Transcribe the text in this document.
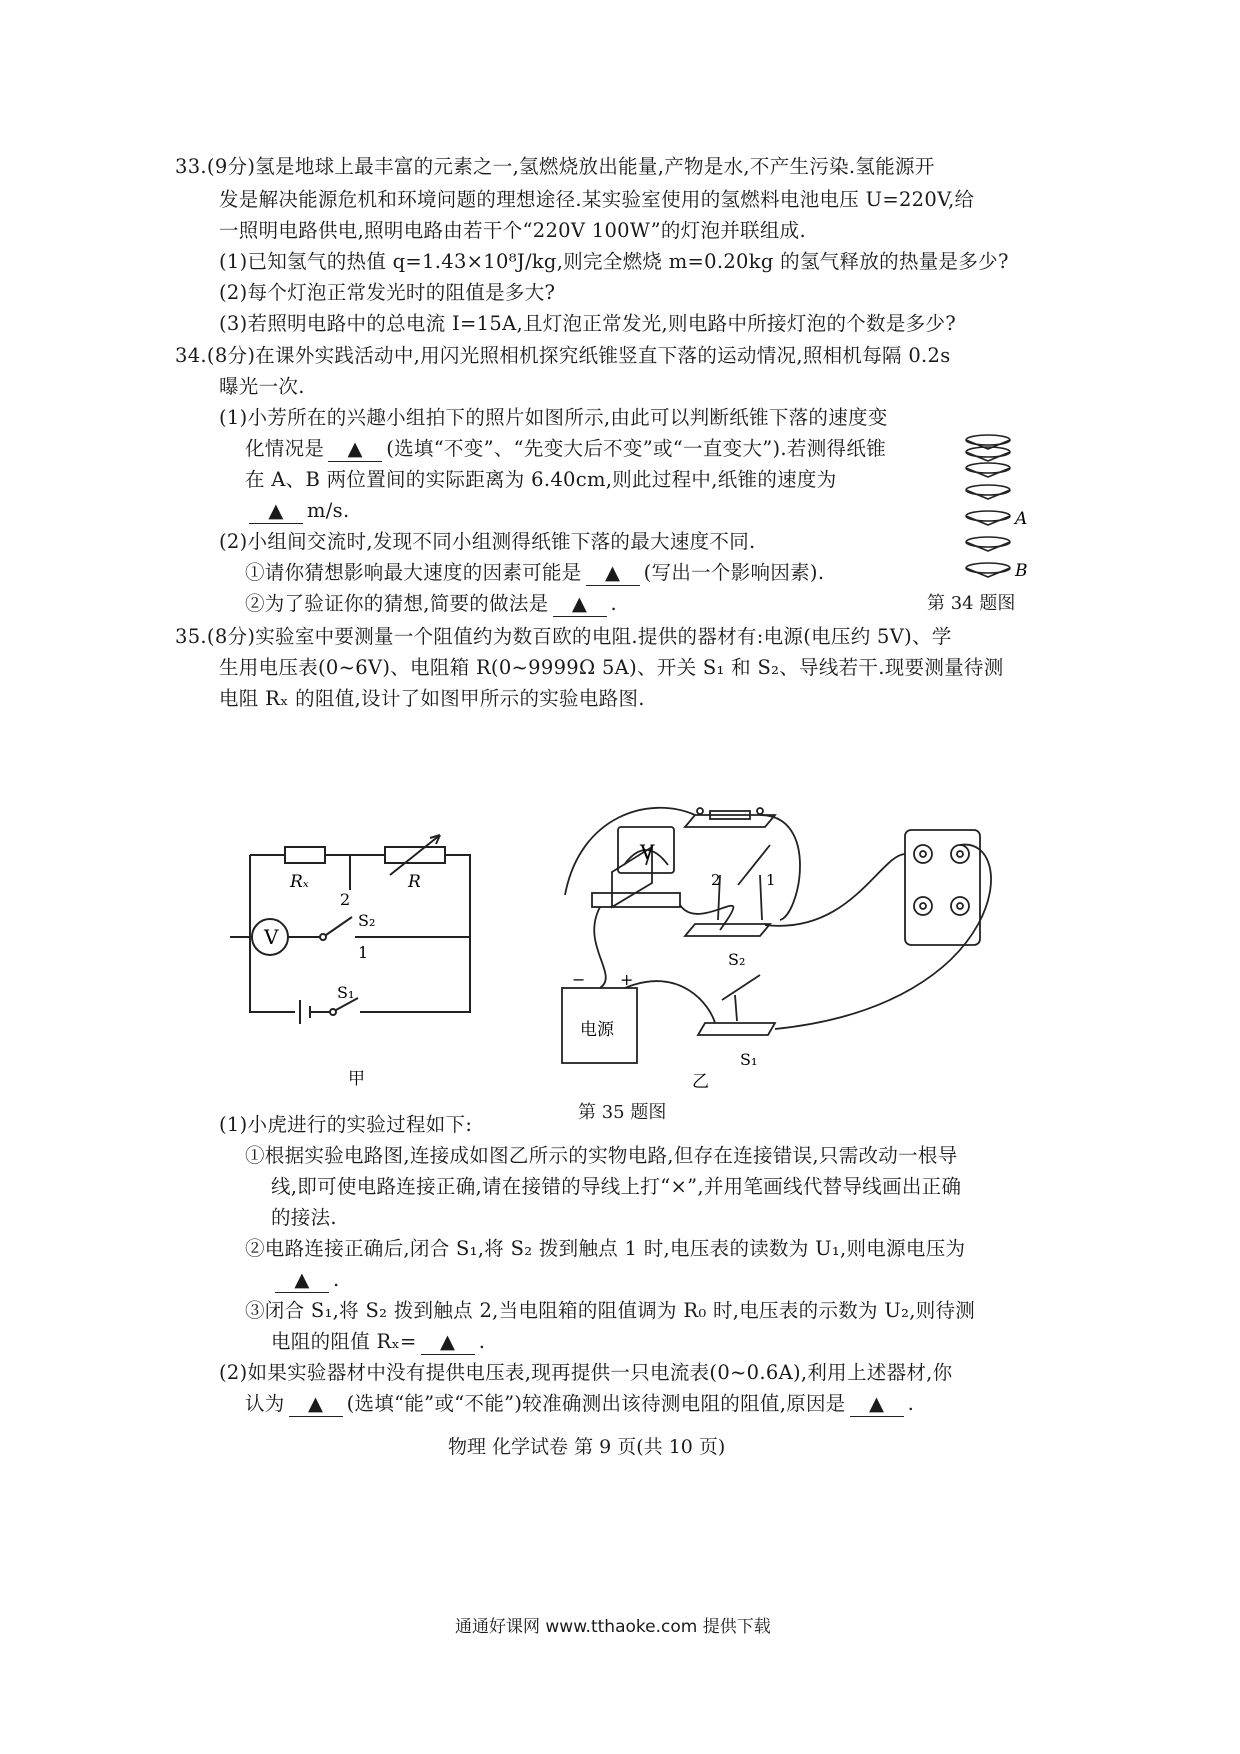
33.(9分)氢是地球上最丰富的元素之一,氢燃烧放出能量,产物是水,不产生污染.氢能源开
发是解决能源危机和环境问题的理想途径.某实验室使用的氢燃料电池电压 U=220V,给
一照明电路供电,照明电路由若干个“220V 100W”的灯泡并联组成.
(1)已知氢气的热值 q=1.43×10⁸J/kg,则完全燃烧 m=0.20kg 的氢气释放的热量是多少?
(2)每个灯泡正常发光时的阻值是多大?
(3)若照明电路中的总电流 I=15A,且灯泡正常发光,则电路中所接灯泡的个数是多少?
34.(8分)在课外实践活动中,用闪光照相机探究纸锥竖直下落的运动情况,照相机每隔 0.2s
曝光一次.
(1)小芳所在的兴趣小组拍下的照片如图所示,由此可以判断纸锥下落的速度变
化情况是 ▲ (选填“不变”、“先变大后不变”或“一直变大”).若测得纸锥
在 A、B 两位置间的实际距离为 6.40cm,则此过程中,纸锥的速度为
▲ m/s.
(2)小组间交流时,发现不同小组测得纸锥下落的最大速度不同.
①请你猜想影响最大速度的因素可能是 ▲ (写出一个影响因素).
②为了验证你的猜想,简要的做法是 ▲ .
A
B
第 34 题图
35.(8分)实验室中要测量一个阻值约为数百欧的电阻.提供的器材有:电源(电压约 5V)、学
生用电压表(0~6V)、电阻箱 R(0~9999Ω 5A)、开关 S₁ 和 S₂、导线若干.现要测量待测
电阻 Rₓ 的阻值,设计了如图甲所示的实验电路图.
V
Rₓ	R
2
S₂
1
S₁
甲
V
电源
− +
2	1
S₂
S₁
乙
第 35 题图
(1)小虎进行的实验过程如下:
①根据实验电路图,连接成如图乙所示的实物电路,但存在连接错误,只需改动一根导
线,即可使电路连接正确,请在接错的导线上打“×”,并用笔画线代替导线画出正确
的接法.
②电路连接正确后,闭合 S₁,将 S₂ 拨到触点 1 时,电压表的读数为 U₁,则电源电压为
▲ .
③闭合 S₁,将 S₂ 拨到触点 2,当电阻箱的阻值调为 R₀ 时,电压表的示数为 U₂,则待测
电阻的阻值 Rₓ= ▲ .
(2)如果实验器材中没有提供电压表,现再提供一只电流表(0~0.6A),利用上述器材,你
认为 ▲ (选填“能”或“不能”)较准确测出该待测电阻的阻值,原因是 ▲ .
物理 化学试卷 第 9 页(共 10 页)
通通好课网 www.tthaoke.com 提供下载
